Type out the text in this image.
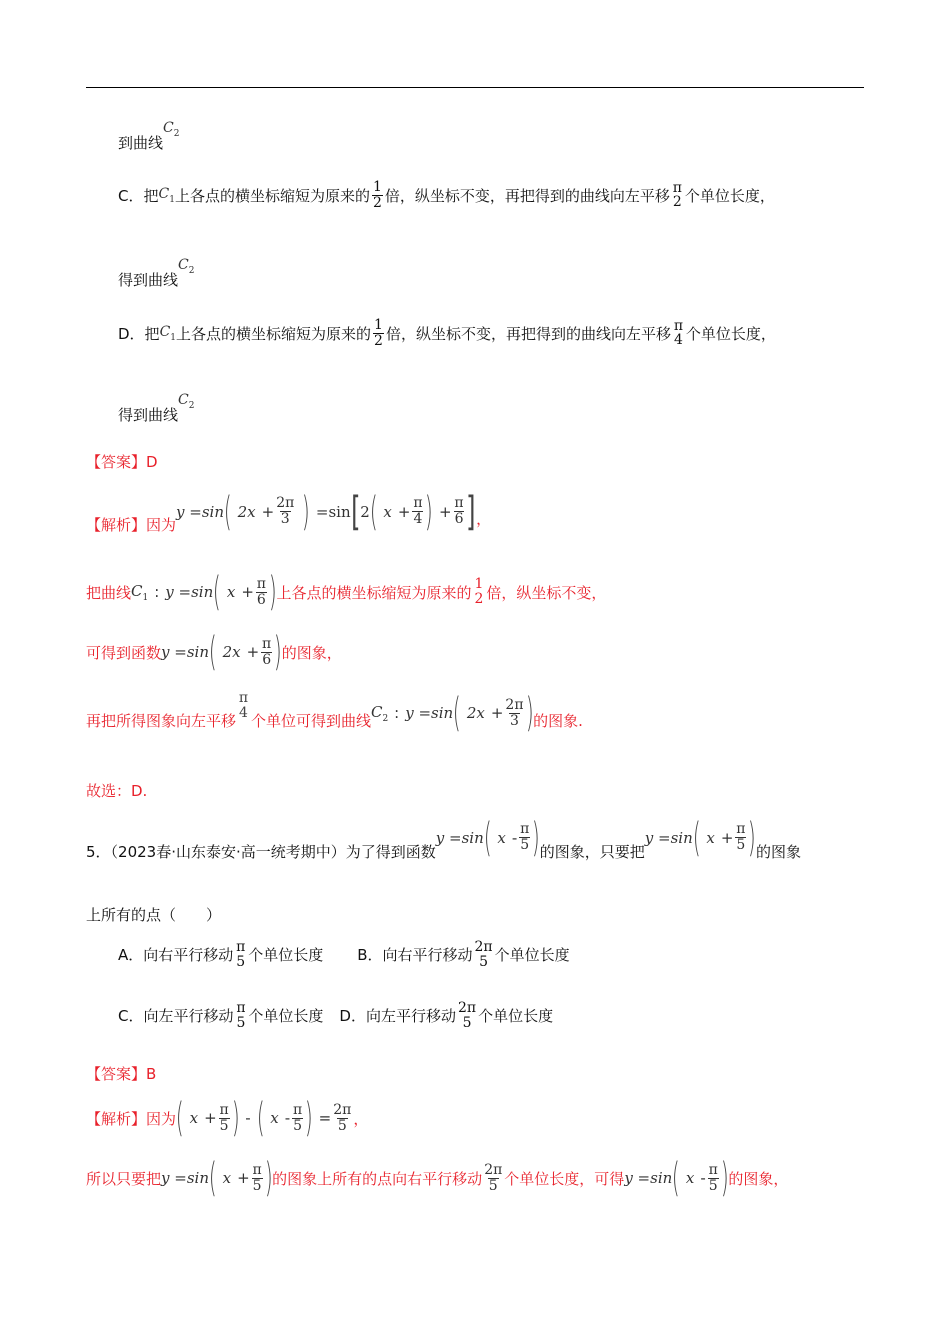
到曲线
$C_2$
C．把 $C_1$ 上各点的横坐标缩短为原来的 $\frac{1}{2}$ 倍，纵坐标不变，再把得到的曲线向左平移 π
2 个单位长度，
得到曲线
$C_2$
D．把 $C_1$ 上各点的横坐标缩短为原来的 $\frac{1}{2}$ 倍，纵坐标不变，再把得到的曲线向左平移 π
4 个单位长度，
得到曲线
$C_2$
【答案】D
【解析】因为
y =sin ( $2x + \frac{2\pi}{3}$ ) =sin [ 2 ( $x + \frac{\pi}{4}$ ) + $\frac{\pi}{6}$ ] ，
把曲线 $C_1$ : y =sin ( $x + \frac{\pi}{6}$ ) 上各点的横坐标缩短为原来的 1
2 倍，纵坐标不变，
可得到函数 y =sin ( $2x + \frac{\pi}{6}$ ) 的图象，
再把所得图象向左平移
π
4 个单位可得到曲线 $C_2$ : y =sin ( $2x + \frac{2\pi}{3}$ ) 的图象.
故选：D.
5．（2023春·山东泰安·高一统考期中）为了得到函数
y =sin ( x - $\frac{\pi}{5}$ ) 的图象，只要把
y =sin ( $x + \frac{\pi}{5}$ ) 的图象
上所有的点（　　）
A．向右平行移动 π
5 个单位长度 B．向右平行移动 2π
5 个单位长度
C．向左平行移动 π
5 个单位长度 D．向左平行移动 2π
5 个单位长度
【答案】B
【解析】因为 ( $x + \frac{\pi}{5}$ ) - ( x - $\frac{\pi}{5}$ ) = $\frac{2\pi}{5}$ ，
所以只要把 y =sin ( $x + \frac{\pi}{5}$ ) 的图象上所有的点向右平行移动 $\frac{2\pi}{5}$ 个单位长度，可得 y =sin ( x - $\frac{\pi}{5}$ ) 的图象，
